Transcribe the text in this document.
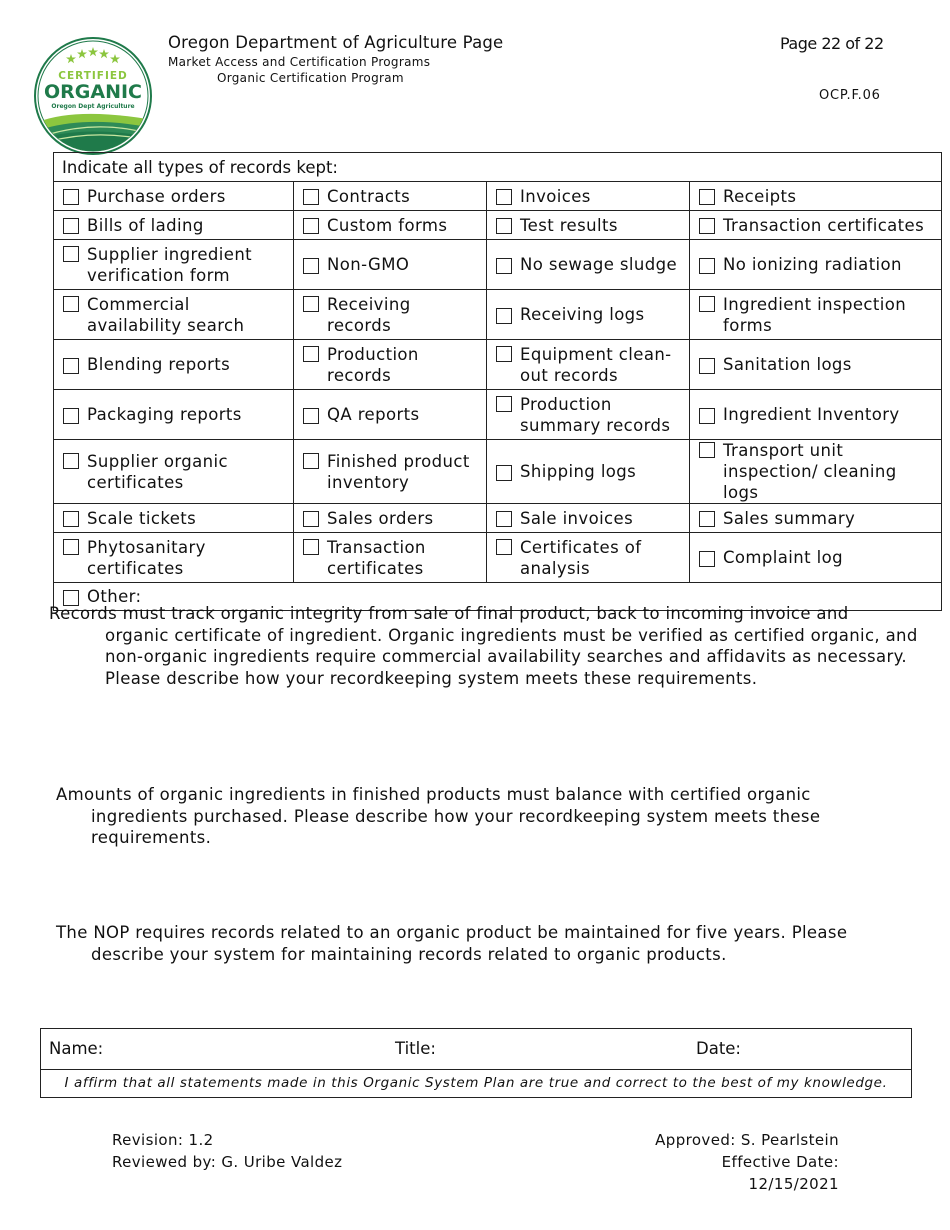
CERTIFIED
ORGANIC
Oregon Dept Agriculture
Oregon Department of Agriculture Page
Market Access and Certification Programs
Organic Certification Program
Page 22 of 22
OCP.F.06
Indicate all types of records kept:			

Purchase orders	Contracts	Invoices	Receipts

Bills of lading	Custom forms	Test results	Transaction certificates

Supplier ingredient verification form	Non-GMO	No sewage sludge	No ionizing radiation

Commercial availability search	Receiving records	Receiving logs	Ingredient inspection forms

Blending reports	Production records	Equipment clean-out records	Sanitation logs

Packaging reports	QA reports	Production summary records	Ingredient Inventory

Supplier organic certificates	Finished product inventory	Shipping logs	Transport unit inspection/ cleaning logs

Scale tickets	Sales orders	Sale invoices	Sales summary

Phytosanitary certificates	Transaction certificates	Certificates of analysis	Complaint log

Other:			
Records must track organic integrity from sale of final product, back to incoming invoice and
organic certificate of ingredient. Organic ingredients must be verified as certified organic, and non-organic ingredients require commercial availability searches and affidavits as necessary. Please describe how your recordkeeping system meets these requirements.
Amounts of organic ingredients in finished products must balance with certified organic
ingredients purchased. Please describe how your recordkeeping system meets these requirements.
The NOP requires records related to an organic product be maintained for five years. Please
describe your system for maintaining records related to organic products.
Name:	Title:	Date:
I affirm that all statements made in this Organic System Plan are true and correct to the best of my knowledge.
Revision: 1.2
Reviewed by: G. Uribe Valdez
Approved: S. Pearlstein
Effective Date: 12/15/2021
